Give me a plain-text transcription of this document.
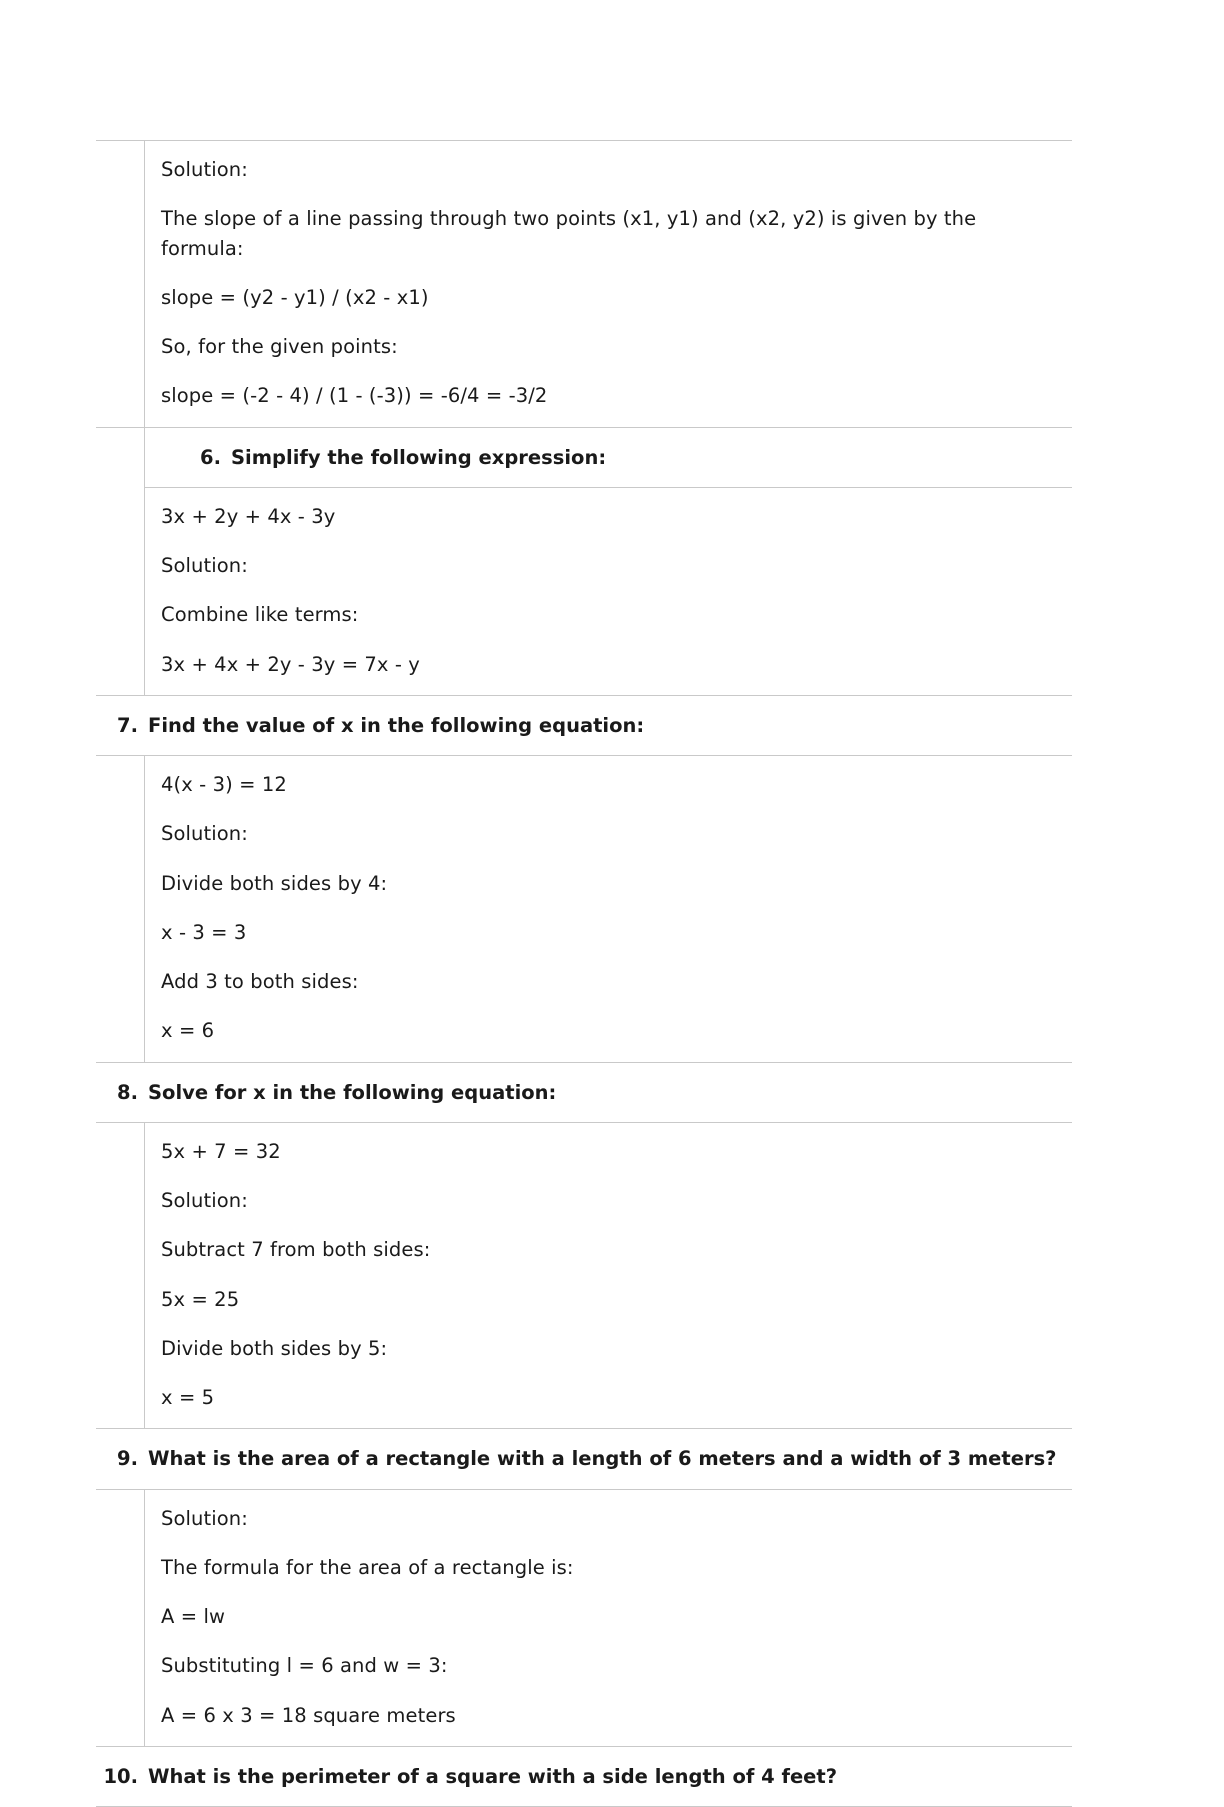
Solution:

The slope of a line passing through two points (x1, y1) and (x2, y2) is given by the formula:

slope = (y2 - y1) / (x2 - x1)

So, for the given points:

slope = (-2 - 4) / (1 - (-3)) = -6/4 = -3/2

6. Simplify the following expression:

3x + 2y + 4x - 3y

Solution:

Combine like terms:

3x + 4x + 2y - 3y = 7x - y

7. Find the value of x in the following equation:

4(x - 3) = 12

Solution:

Divide both sides by 4:

x - 3 = 3

Add 3 to both sides:

x = 6

8. Solve for x in the following equation:

5x + 7 = 32

Solution:

Subtract 7 from both sides:

5x = 25

Divide both sides by 5:

x = 5

9. What is the area of a rectangle with a length of 6 meters and a width of 3 meters?

Solution:

The formula for the area of a rectangle is:

A = lw

Substituting l = 6 and w = 3:

A = 6 x 3 = 18 square meters

10. What is the perimeter of a square with a side length of 4 feet?
